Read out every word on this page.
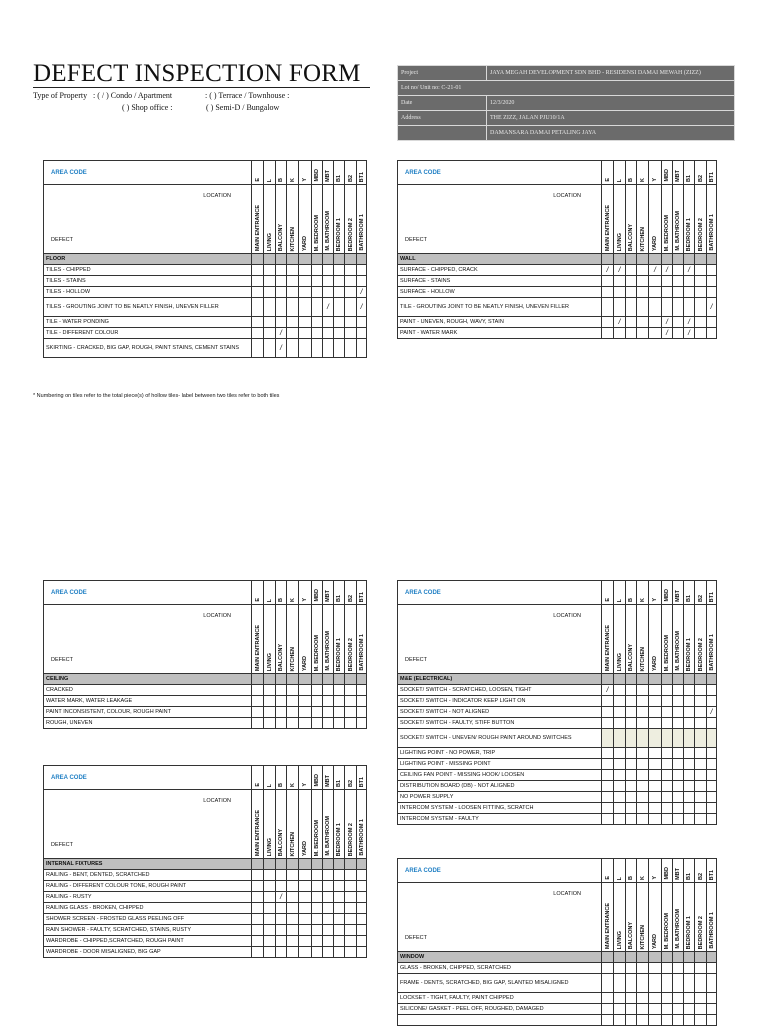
DEFECT INSPECTION FORM
Type of Property : ( / ) Condo / Apartment	: ( ) Terrace / Townhouse :
( ) Shop office :	( ) Semi-D / Bungalow
Project	JAYA MEGAH DEVELOPMENT SDN BHD - RESIDENSI DAMAI MEWAH (ZIZZ)
Lot no/ Unit no: C-21-01	
Date	12/3/2020
Address	THE ZIZZ, JALAN PJU10/1A
	DAMANSARA DAMAI PETALING JAYA
* Numbering on tiles refer to the total piece(s) of hollow tiles- label between two tiles refer to both tiles
AREA CODE	E	L	B	K	Y	MBD	MBT	B1	B2	BT1

LOCATION
DEFECT	MAIN ENTRANCE	LIVING	BALCONY	KITCHEN	YARD	M. BEDROOM	M. BATHROOM	BEDROOM 1	BEDROOM 2	BATHROOM 1
FLOOR										
TILES - CHIPPED										
TILES - STAINS										
TILES - HOLLOW										/
TILES - GROUTING JOINT TO BE NEATLY FINISH, UNEVEN FILLER							/			/
TILE - WATER PONDING										
TILE - DIFFERENT COLOUR			/							
SKIRTING - CRACKED, BIG GAP, ROUGH, PAINT STAINS, CEMENT STAINS			/							
AREA CODE	E	L	B	K	Y	MBD	MBT	B1	B2	BT1

LOCATION
DEFECT	MAIN ENTRANCE	LIVING	BALCONY	KITCHEN	YARD	M. BEDROOM	M. BATHROOM	BEDROOM 1	BEDROOM 2	BATHROOM 1
WALL										
SURFACE - CHIPPED, CRACK	/	/			/	/		/		
SURFACE - STAINS										
SURFACE - HOLLOW										
TILE - GROUTING JOINT TO BE NEATLY FINISH, UNEVEN FILLER										/
PAINT - UNEVEN, ROUGH, WAVY, STAIN		/				/		/		
PAINT - WATER MARK						/		/		
AREA CODE	E	L	B	K	Y	MBD	MBT	B1	B2	BT1

LOCATION
DEFECT	MAIN ENTRANCE	LIVING	BALCONY	KITCHEN	YARD	M. BEDROOM	M. BATHROOM	BEDROOM 1	BEDROOM 2	BATHROOM 1
CEILING										
CRACKED										
WATER MARK, WATER LEAKAGE										
PAINT INCONSISTENT, COLOUR, ROUGH PAINT										
ROUGH, UNEVEN										
AREA CODE	E	L	B	K	Y	MBD	MBT	B1	B2	BT1

LOCATION
DEFECT	MAIN ENTRANCE	LIVING	BALCONY	KITCHEN	YARD	M. BEDROOM	M. BATHROOM	BEDROOM 1	BEDROOM 2	BATHROOM 1
M&E (ELECTRICAL)										
SOCKET/ SWITCH - SCRATCHED, LOOSEN, TIGHT	/									
SOCKET/ SWITCH - INDICATOR KEEP LIGHT ON										
SOCKET/ SWITCH - NOT ALIGNED										/
SOCKET/ SWITCH - FAULTY, STIFF BUTTON										
SOCKET/ SWITCH - UNEVEN/ ROUGH PAINT AROUND SWITCHES										
LIGHTING POINT - NO POWER, TRIP										
LIGHTING POINT - MISSING POINT										
CEILING FAN POINT - MISSING HOOK/ LOOSEN										
DISTRIBUTION BOARD (DB) - NOT ALIGNED										
NO POWER SUPPLY										
INTERCOM SYSTEM - LOOSEN FITTING, SCRATCH										
INTERCOM SYSTEM - FAULTY										
AREA CODE	E	L	B	K	Y	MBD	MBT	B1	B2	BT1

LOCATION
DEFECT	MAIN ENTRANCE	LIVING	BALCONY	KITCHEN	YARD	M. BEDROOM	M. BATHROOM	BEDROOM 1	BEDROOM 2	BATHROOM 1
INTERNAL FIXTURES										
RAILING - BENT, DENTED, SCRATCHED										
RAILING - DIFFERENT COLOUR TONE, ROUGH PAINT										
RAILING - RUSTY			/							
RAILING GLASS - BROKEN, CHIPPED										
SHOWER SCREEN - FROSTED GLASS PEELING OFF										
RAIN SHOWER - FAULTY, SCRATCHED, STAINS, RUSTY										
WARDROBE - CHIPPED,SCRATCHED, ROUGH PAINT										
WARDROBE - DOOR MISALIGNED, BIG GAP										
AREA CODE	E	L	B	K	Y	MBD	MBT	B1	B2	BT1

LOCATION
DEFECT	MAIN ENTRANCE	LIVING	BALCONY	KITCHEN	YARD	M. BEDROOM	M. BATHROOM	BEDROOM 1	BEDROOM 2	BATHROOM 1
WINDOW										
GLASS - BROKEN, CHIPPED, SCRATCHED										
FRAME - DENTS, SCRATCHED, BIG GAP, SLANTED MISALIGNED										
LOCKSET - TIGHT, FAULTY, PAINT CHIPPED										
SILICONE/ GASKET - PEEL OFF, ROUGHED, DAMAGED										
